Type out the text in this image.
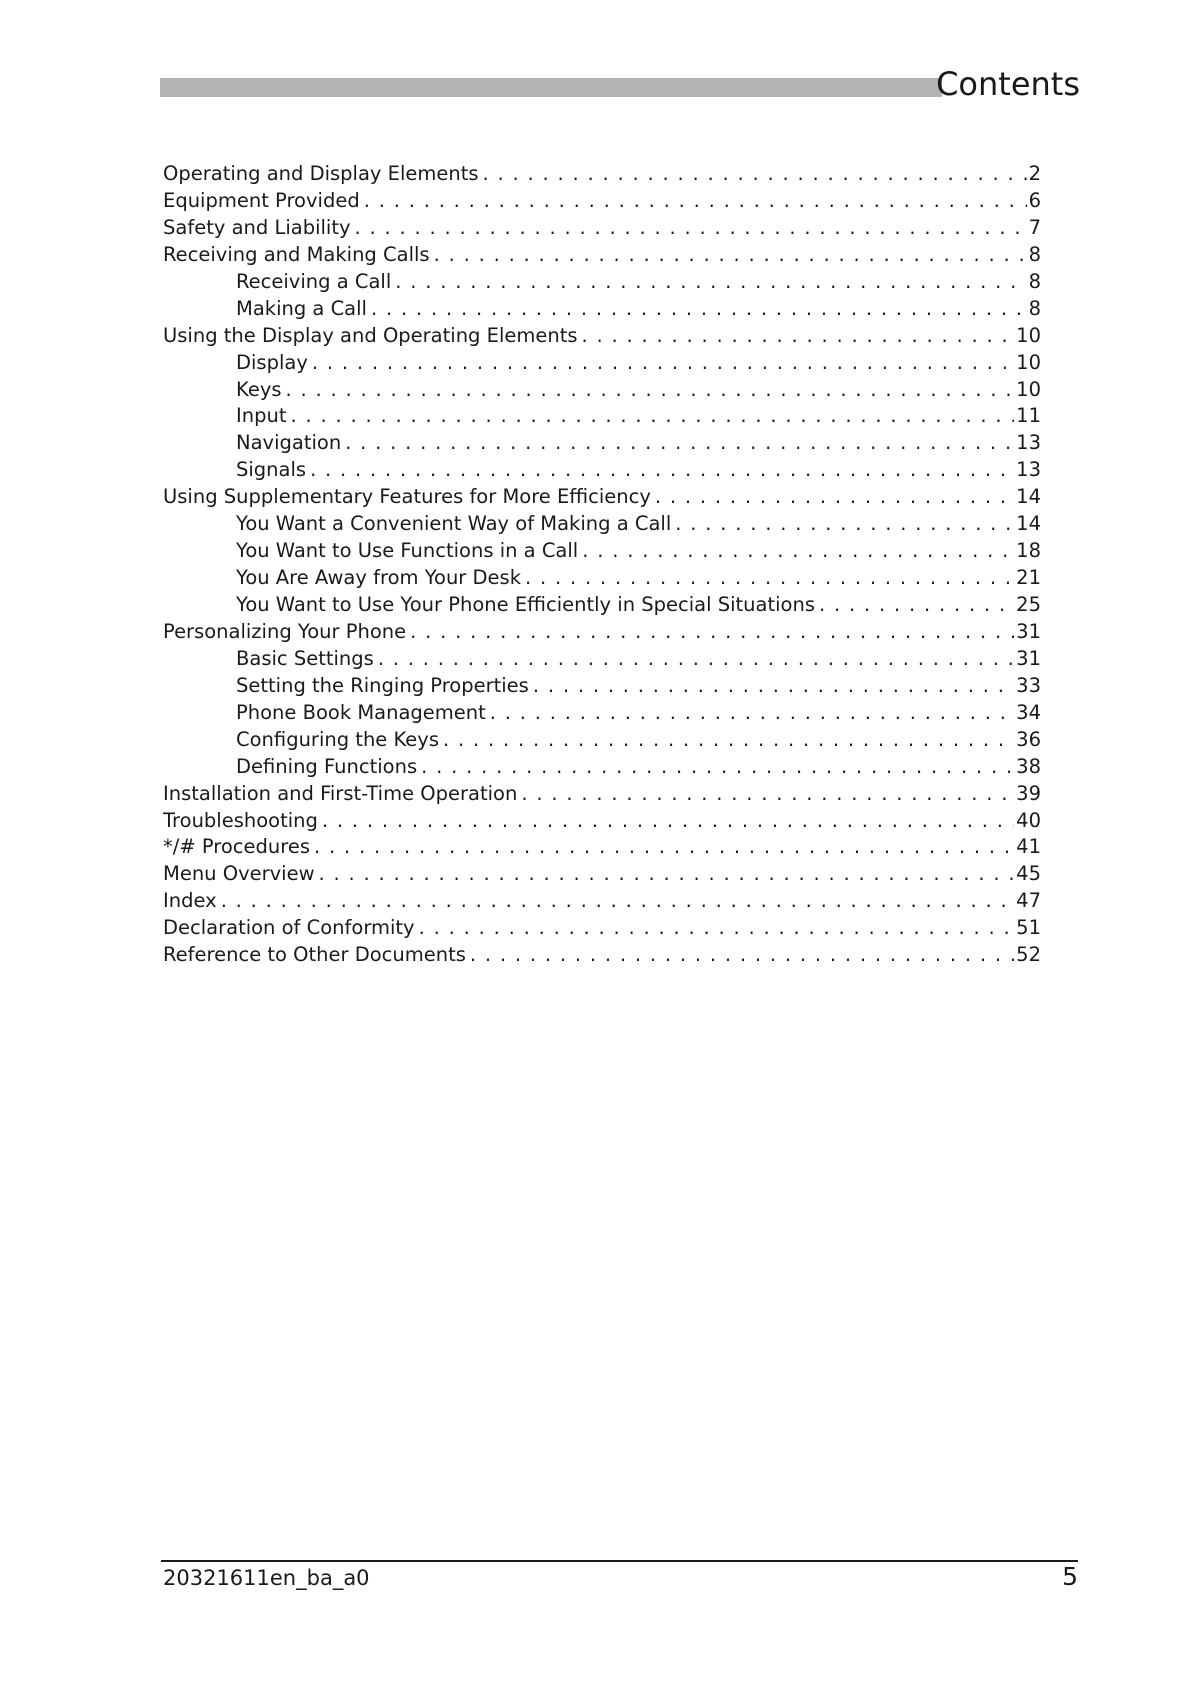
Contents
Operating and Display Elements . . .	2
Equipment Provided . . .	6
Safety and Liability . . .	7
Receiving and Making Calls . . .	8
Receiving a Call . . .	8
Making a Call . . .	8
Using the Display and Operating Elements . . .	10
Display . . .	10
Keys . . .	10
Input . . .	11
Navigation . . .	13
Signals . . .	13
Using Supplementary Features for More Efficiency . . .	14
You Want a Convenient Way of Making a Call . . .	14
You Want to Use Functions in a Call . . .	18
You Are Away from Your Desk . . .	21
You Want to Use Your Phone Efficiently in Special Situations . . .	25
Personalizing Your Phone . . .	31
Basic Settings . . .	31
Setting the Ringing Properties . . .	33
Phone Book Management . . .	34
Configuring the Keys . . .	36
Defining Functions . . .	38
Installation and First-Time Operation . . .	39
Troubleshooting . . .	40
*/# Procedures . . .	41
Menu Overview . . .	45
Index . . .	47
Declaration of Conformity . . .	51
Reference to Other Documents . . .	52
20321611en_ba_a0	5
